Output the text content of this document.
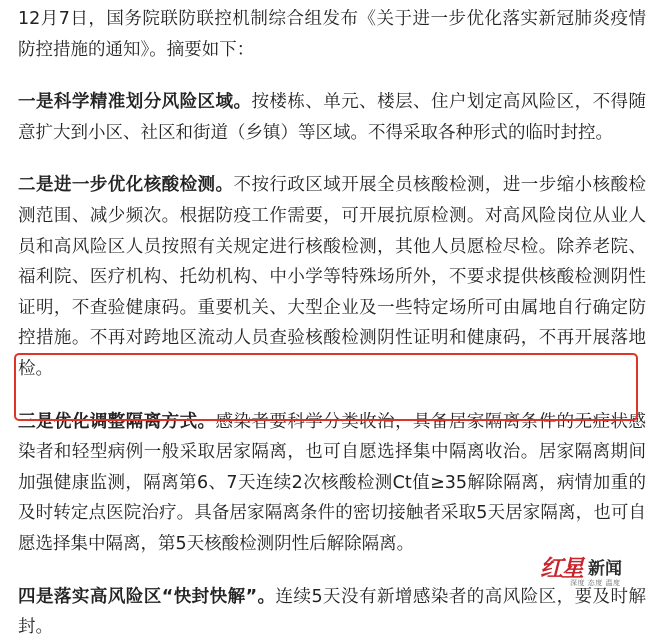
12月7日，国务院联防联控机制综合组发布《关于进一步优化落实新冠肺炎疫情防控措施的通知》。摘要如下：

一是科学精准划分风险区域。按楼栋、单元、楼层、住户划定高风险区，不得随意扩大到小区、社区和街道（乡镇）等区域。不得采取各种形式的临时封控。

二是进一步优化核酸检测。不按行政区域开展全员核酸检测，进一步缩小核酸检测范围、减少频次。根据防疫工作需要，可开展抗原检测。对高风险岗位从业人员和高风险区人员按照有关规定进行核酸检测，其他人员愿检尽检。除养老院、福利院、医疗机构、托幼机构、中小学等特殊场所外，不要求提供核酸检测阴性证明，不查验健康码。重要机关、大型企业及一些特定场所可由属地自行确定防控措施。不再对跨地区流动人员查验核酸检测阴性证明和健康码，不再开展落地检。

三是优化调整隔离方式。感染者要科学分类收治，具备居家隔离条件的无症状感染者和轻型病例一般采取居家隔离，也可自愿选择集中隔离收治。居家隔离期间加强健康监测，隔离第6、7天连续2次核酸检测Ct值≥35解除隔离，病情加重的及时转定点医院治疗。具备居家隔离条件的密切接触者采取5天居家隔离，也可自愿选择集中隔离，第5天核酸检测阴性后解除隔离。

四是落实高风险区“快封快解”。连续5天没有新增感染者的高风险区，要及时解封。

红星 新闻
深度 态度 温度
